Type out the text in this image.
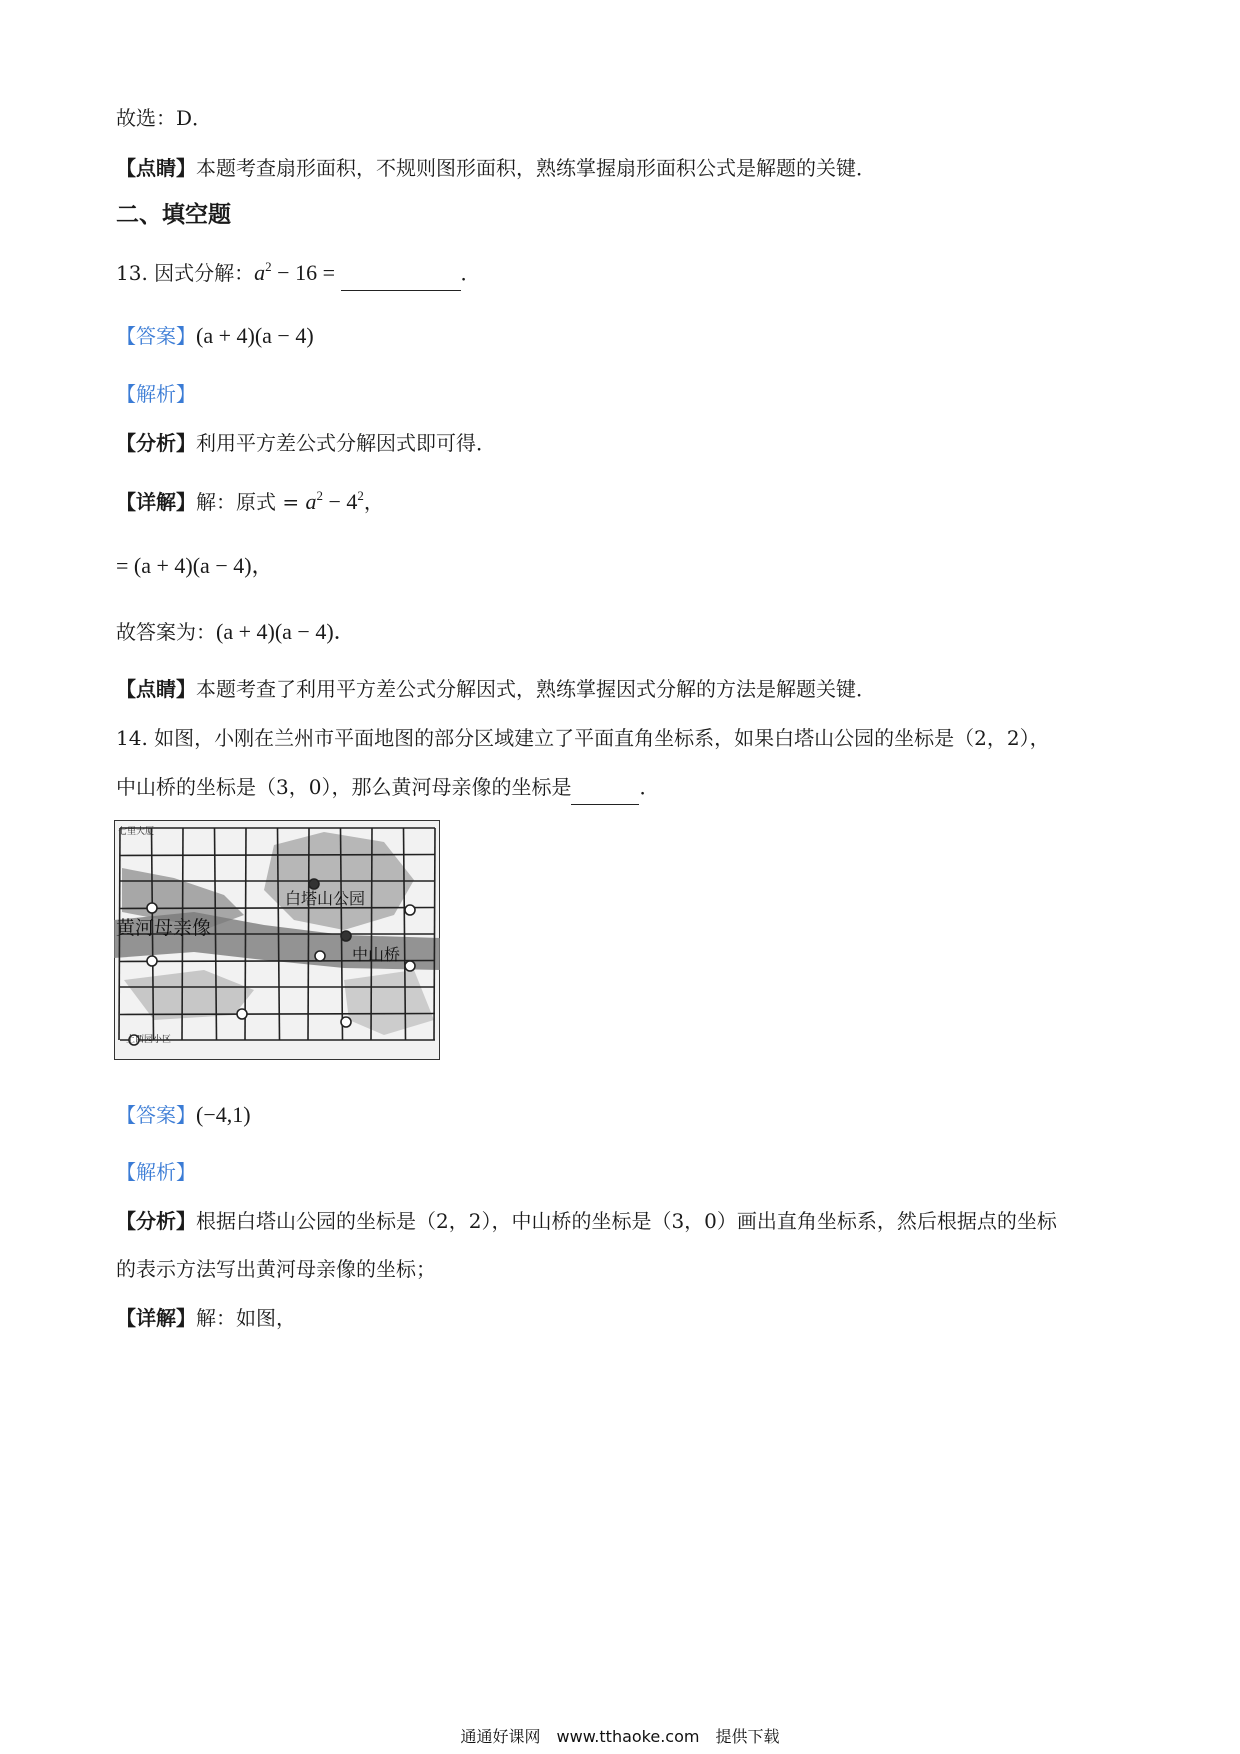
故选：D．
【点睛】本题考查扇形面积，不规则图形面积，熟练掌握扇形面积公式是解题的关键．
二、填空题
13. 因式分解：$a^2 - 16$ =	．
【答案】(a + 4)(a − 4)
【解析】
【分析】利用平方差公式分解因式即可得．
【详解】解：原式 = $a^2 - 4^2$，
= (a + 4)(a − 4)，
故答案为：(a + 4)(a − 4)．
【点睛】本题考查了利用平方差公式分解因式，熟练掌握因式分解的方法是解题关键．
14. 如图，小刚在兰州市平面地图的部分区域建立了平面直角坐标系，如果白塔山公园的坐标是（2，2），
中山桥的坐标是（3，0），那么黄河母亲像的坐标是	．
白塔山公园
中山桥
黄河母亲像
七里大厦
上西园小区
【答案】(−4,1)
【解析】
【分析】根据白塔山公园的坐标是（2，2），中山桥的坐标是（3，0）画出直角坐标系，然后根据点的坐标
的表示方法写出黄河母亲像的坐标；
【详解】解：如图，
通通好课网　www.tthaoke.com　提供下载
